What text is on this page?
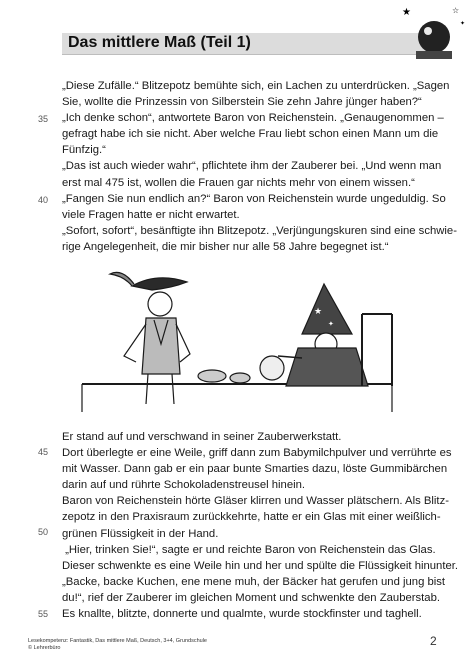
Das mittlere Maß (Teil 1)
★	☆
✦
35
40
45
50
55

„Diese Zufälle.“ Blitzepotz bemühte sich, ein Lachen zu unterdrücken. „Sagen

Sie, wollte die Prinzessin von Silberstein Sie zehn Jahre jünger haben?“

„Ich denke schon“, antwortete Baron von Reichenstein. „Genaugenommen –

gefragt habe ich sie nicht. Aber welche Frau liebt schon einen Mann um die

Fünfzig.“

„Das ist auch wieder wahr“, pflichtete ihm der Zauberer bei. „Und wenn man

erst mal 475 ist, wollen die Frauen gar nichts mehr von einem wissen.“

„Fangen Sie nun endlich an?“ Baron von Reichenstein wurde ungeduldig. So

viele Fragen hatte er nicht erwartet.

„Sofort, sofort“, besänftigte ihn Blitzepotz. „Verjüngungskuren sind eine schwie-

rige Angelegenheit, die mir bisher nur alle 58 Jahre begegnet ist.“

★
✦

Er stand auf und verschwand in seiner Zauberwerkstatt.

Dort überlegte er eine Weile, griff dann zum Babymilchpulver und verrührte es

mit Wasser. Dann gab er ein paar bunte Smarties dazu, löste Gummibärchen

darin auf und rührte Schokoladenstreusel hinein.

Baron von Reichenstein hörte Gläser klirren und Wasser plätschern. Als Blitz-

zepotz in den Praxisraum zurückkehrte, hatte er ein Glas mit einer weißlich-

grünen Flüssigkeit in der Hand.

„Hier, trinken Sie!“, sagte er und reichte Baron von Reichenstein das Glas.

Dieser schwenkte es eine Weile hin und her und spülte die Flüssigkeit hinunter.

„Backe, backe Kuchen, ene mene muh, der Bäcker hat gerufen und jung bist

du!“, rief der Zauberer im gleichen Moment und schwenkte den Zauberstab.

Es knallte, blitzte, donnerte und qualmte, wurde stockfinster und taghell.

Lesekompetenz: Fantastik, Das mittlere Maß, Deutsch, 3+4, Grundschule
© Lehrerbüro	2
